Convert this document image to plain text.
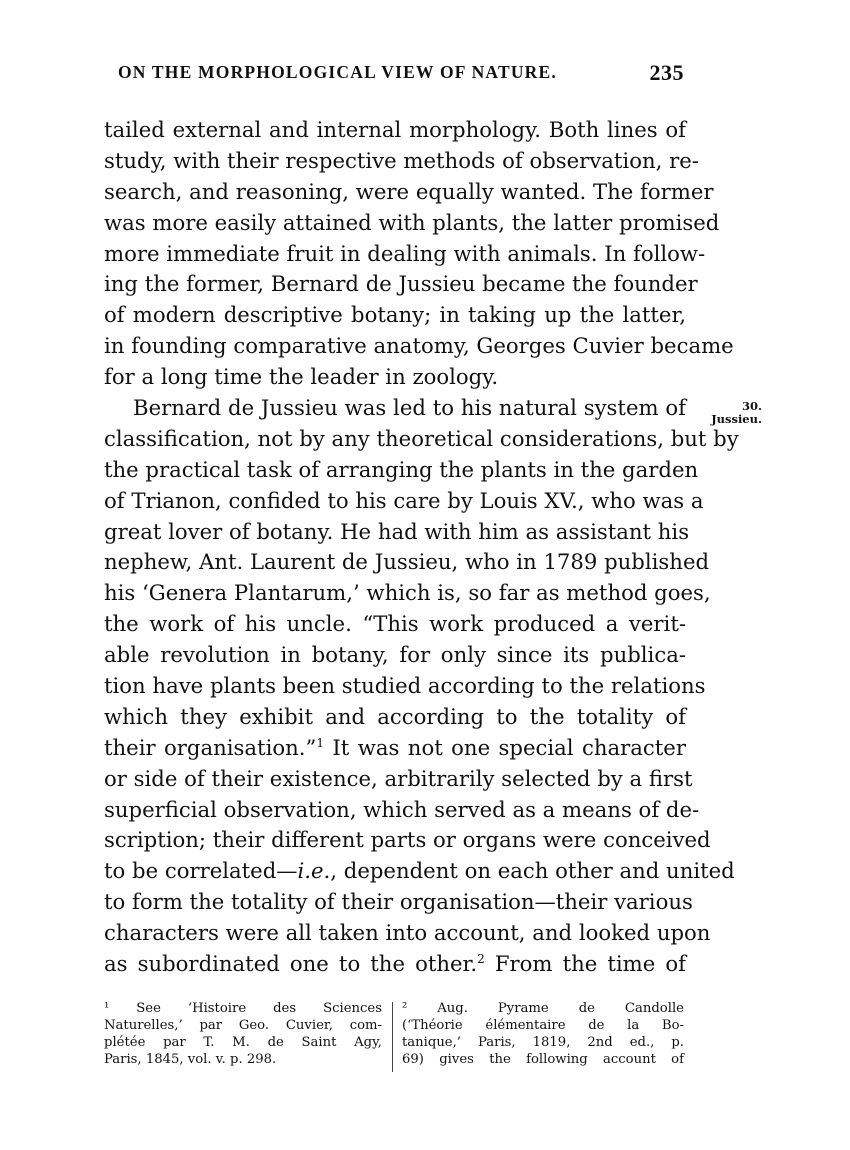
ON THE MORPHOLOGICAL VIEW OF NATURE.	235
30.
Jussieu.
tailed external and internal morphology. Both lines of
study, with their respective methods of observation, re-
search, and reasoning, were equally wanted. The former
was more easily attained with plants, the latter promised
more immediate fruit in dealing with animals. In follow-
ing the former, Bernard de Jussieu became the founder
of modern descriptive botany; in taking up the latter,
in founding comparative anatomy, Georges Cuvier became
for a long time the leader in zoology.
Bernard de Jussieu was led to his natural system of
classification, not by any theoretical considerations, but by
the practical task of arranging the plants in the garden
of Trianon, confided to his care by Louis XV., who was a
great lover of botany. He had with him as assistant his
nephew, Ant. Laurent de Jussieu, who in 1789 published
his ‘Genera Plantarum,’ which is, so far as method goes,
the work of his uncle. “This work produced a verit-
able revolution in botany, for only since its publica-
tion have plants been studied according to the relations
which they exhibit and according to the totality of
their organisation.”$^1$ It was not one special character
or side of their existence, arbitrarily selected by a first
superficial observation, which served as a means of de-
scription; their different parts or organs were conceived
to be correlated—i.e., dependent on each other and united
to form the totality of their organisation—their various
characters were all taken into account, and looked upon
as subordinated one to the other.$^2$ From the time of
¹ See ‘Histoire des Sciences
Naturelles,’ par Geo. Cuvier, com-
plétée par T. M. de Saint Agy,
Paris, 1845, vol. v. p. 298.
² Aug. Pyrame de Candolle
(‘Théorie élémentaire de la Bo-
tanique,’ Paris, 1819, 2nd ed., p.
69) gives the following account of
